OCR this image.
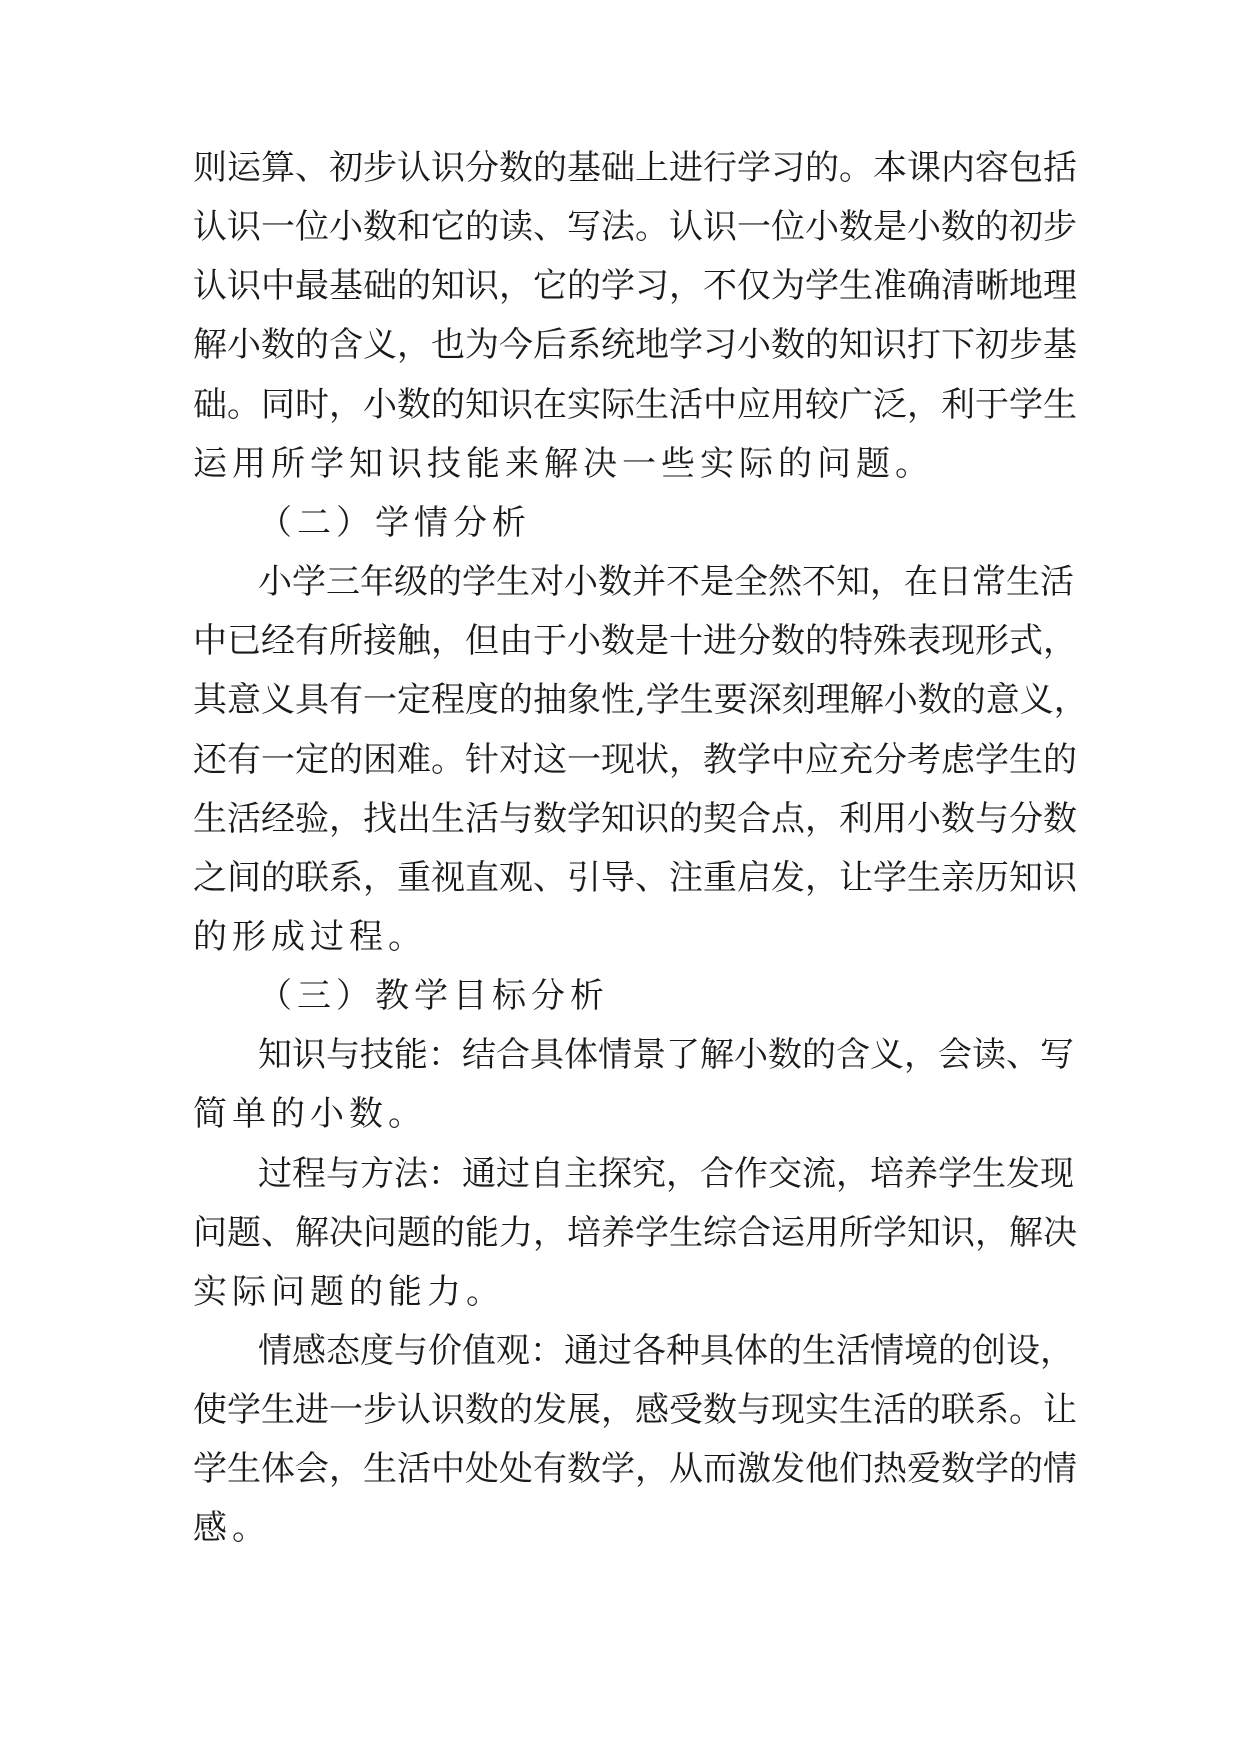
则运算、初步认识分数的基础上进行学习的。本课内容包括
认识一位小数和它的读、写法。认识一位小数是小数的初步
认识中最基础的知识，它的学习，不仅为学生准确清晰地理
解小数的含义，也为今后系统地学习小数的知识打下初步基
础。同时，小数的知识在实际生活中应用较广泛，利于学生
运用所学知识技能来解决一些实际的问题。
（二）学情分析
小学三年级的学生对小数并不是全然不知，在日常生活
中已经有所接触，但由于小数是十进分数的特殊表现形式，
其意义具有一定程度的抽象性,学生要深刻理解小数的意义，
还有一定的困难。针对这一现状，教学中应充分考虑学生的
生活经验，找出生活与数学知识的契合点，利用小数与分数
之间的联系，重视直观、引导、注重启发，让学生亲历知识
的形成过程。
（三）教学目标分析
知识与技能：结合具体情景了解小数的含义，会读、写
简单的小数。
过程与方法：通过自主探究，合作交流，培养学生发现
问题、解决问题的能力，培养学生综合运用所学知识，解决
实际问题的能力。
情感态度与价值观：通过各种具体的生活情境的创设，
使学生进一步认识数的发展，感受数与现实生活的联系。让
学生体会，生活中处处有数学，从而激发他们热爱数学的情
感。
